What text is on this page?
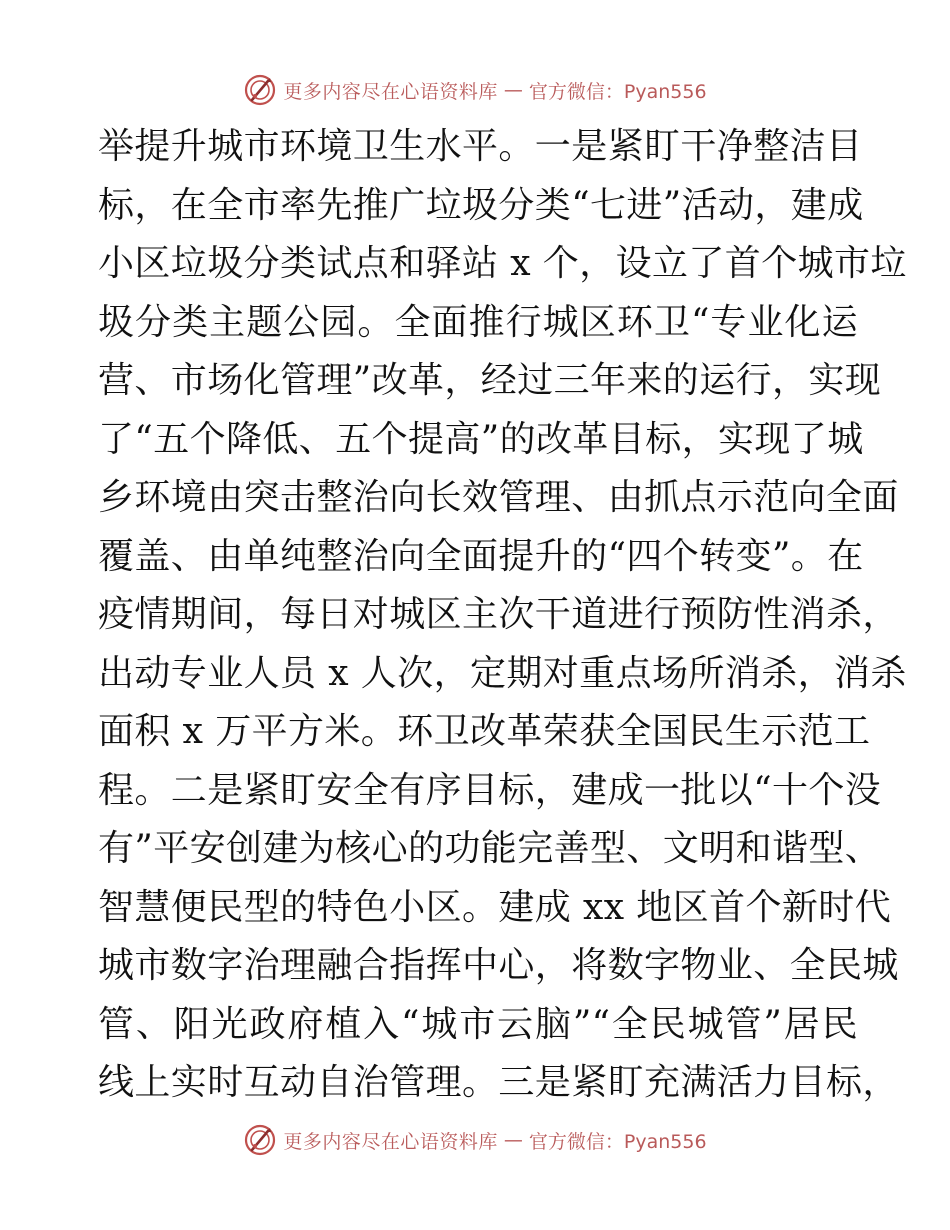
更多内容尽在心语资料库 — 官方微信：Pyan556
举提升城市环境卫生水平。一是紧盯干净整洁目
标，在全市率先推广垃圾分类“七进”活动，建成
小区垃圾分类试点和驿站 x 个，设立了首个城市垃
圾分类主题公园。全面推行城区环卫“专业化运
营、市场化管理”改革，经过三年来的运行，实现
了“五个降低、五个提高”的改革目标，实现了城
乡环境由突击整治向长效管理、由抓点示范向全面
覆盖、由单纯整治向全面提升的“四个转变”。在
疫情期间，每日对城区主次干道进行预防性消杀，
出动专业人员 x 人次，定期对重点场所消杀，消杀
面积 x 万平方米。环卫改革荣获全国民生示范工
程。二是紧盯安全有序目标，建成一批以“十个没
有”平安创建为核心的功能完善型、文明和谐型、
智慧便民型的特色小区。建成 xx 地区首个新时代
城市数字治理融合指挥中心，将数字物业、全民城
管、阳光政府植入“城市云脑”“全民城管”居民
线上实时互动自治管理。三是紧盯充满活力目标，
更多内容尽在心语资料库 — 官方微信：Pyan556
